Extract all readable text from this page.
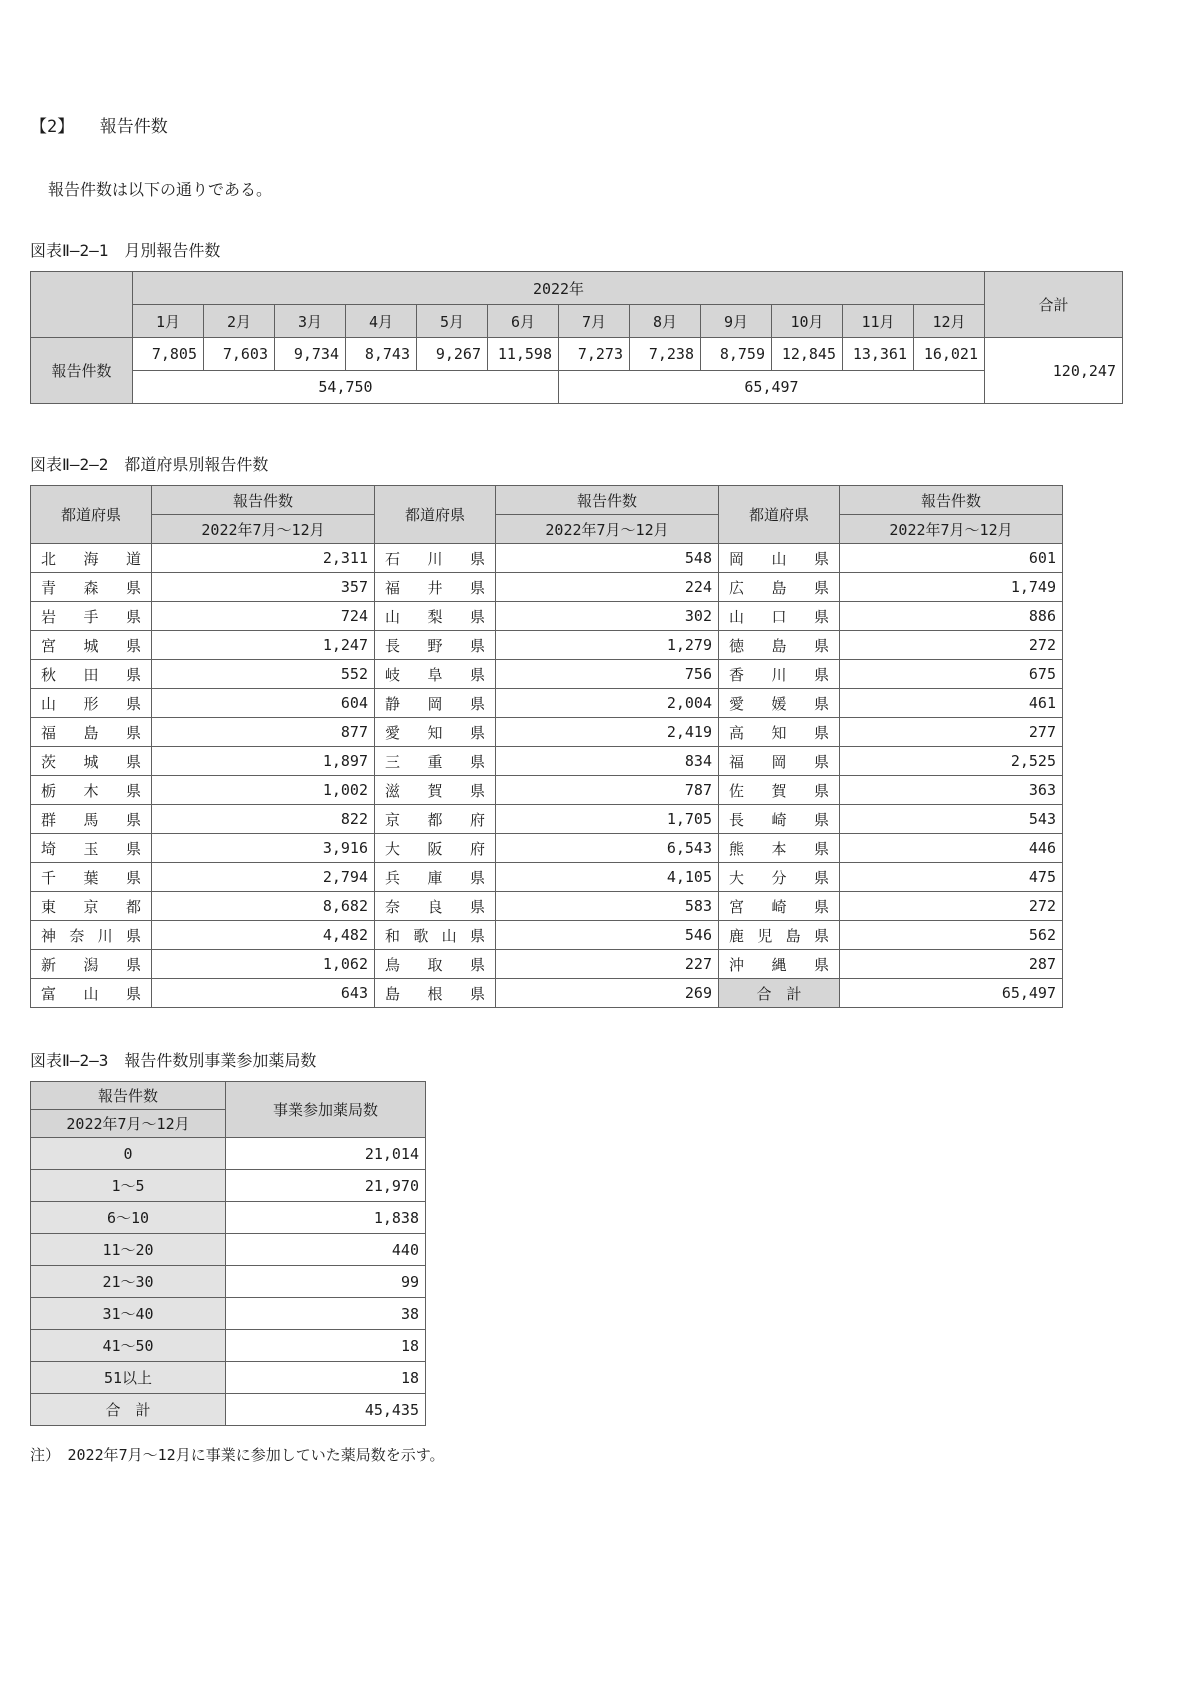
【2】　　報告件数

報告件数は以下の通りである。

図表Ⅱ―2―1　月別報告件数

	2022年												合計
	1月	2月	3月	4月	5月	6月	7月	8月	9月	10月	11月	12月	
報告件数	7,805	7,603	9,734	8,743	9,267	11,598	7,273	7,238	8,759	12,845	13,361	16,021	120,247
	54,750						65,497						

図表Ⅱ―2―2　都道府県別報告件数

都道府県	報告件数	都道府県	報告件数	都道府県	報告件数
	2022年7月～12月		2022年7月～12月		2022年7月～12月
北海道	2,311	石川県	548	岡山県	601
青森県	357	福井県	224	広島県	1,749
岩手県	724	山梨県	302	山口県	886
宮城県	1,247	長野県	1,279	徳島県	272
秋田県	552	岐阜県	756	香川県	675
山形県	604	静岡県	2,004	愛媛県	461
福島県	877	愛知県	2,419	高知県	277
茨城県	1,897	三重県	834	福岡県	2,525
栃木県	1,002	滋賀県	787	佐賀県	363
群馬県	822	京都府	1,705	長崎県	543
埼玉県	3,916	大阪府	6,543	熊本県	446
千葉県	2,794	兵庫県	4,105	大分県	475
東京都	8,682	奈良県	583	宮崎県	272
神奈川県	4,482	和歌山県	546	鹿児島県	562
新潟県	1,062	鳥取県	227	沖縄県	287
富山県	643	島根県	269	合　計	65,497

図表Ⅱ―2―3　報告件数別事業参加薬局数

報告件数	事業参加薬局数
2022年7月～12月	
0	21,014
1～5	21,970
6～10	1,838
11～20	440
21～30	99
31～40	38
41～50	18
51以上	18
合　計	45,435

注）　2022年7月～12月に事業に参加していた薬局数を示す。
